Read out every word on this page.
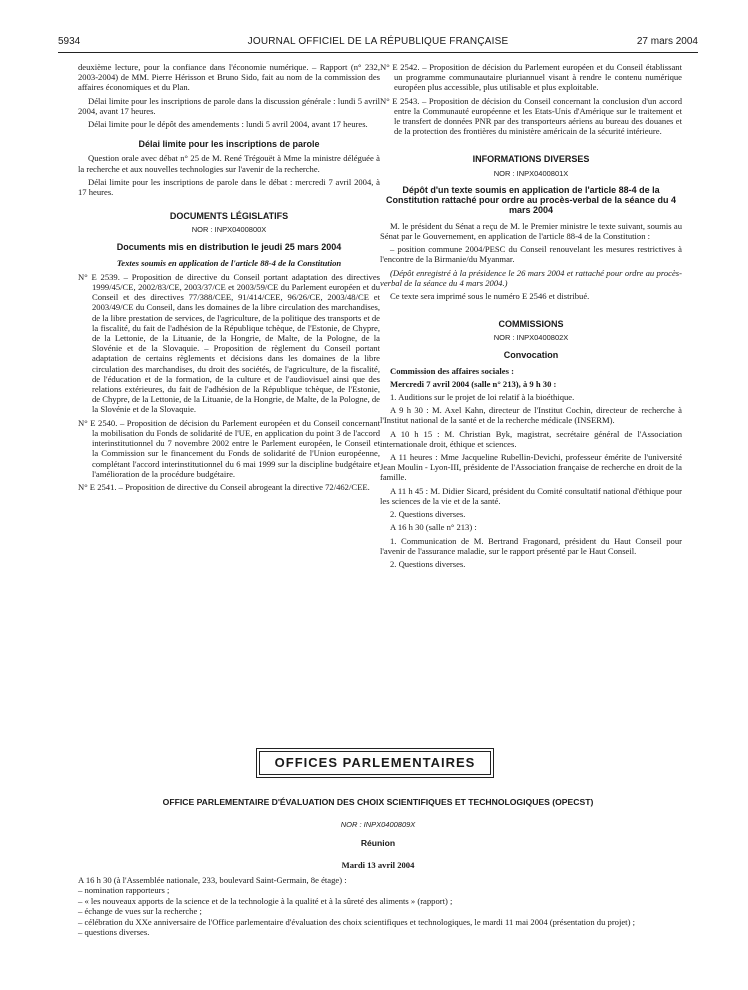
5934	JOURNAL OFFICIEL DE LA RÉPUBLIQUE FRANÇAISE	27 mars 2004

deuxième lecture, pour la confiance dans l'économie numérique. – Rapport (n° 232, 2003-2004) de MM. Pierre Hérisson et Bruno Sido, fait au nom de la commission des affaires économiques et du Plan.

Délai limite pour les inscriptions de parole dans la discussion générale : lundi 5 avril 2004, avant 17 heures.

Délai limite pour le dépôt des amendements : lundi 5 avril 2004, avant 17 heures.

Délai limite pour les inscriptions de parole

Question orale avec débat n° 25 de M. René Trégouët à Mme la ministre déléguée à la recherche et aux nouvelles technologies sur l'avenir de la recherche.

Délai limite pour les inscriptions de parole dans le débat : mercredi 7 avril 2004, à 17 heures.

DOCUMENTS LÉGISLATIFS
NOR : INPX0400800X
Documents mis en distribution le jeudi 25 mars 2004
Textes soumis en application de l'article 88-4 de la Constitution

N° E 2539. – Proposition de directive du Conseil portant adaptation des directives 1999/45/CE, 2002/83/CE, 2003/37/CE et 2003/59/CE du Parlement européen et du Conseil et des directives 77/388/CEE, 91/414/CEE, 96/26/CE, 2003/48/CE et 2003/49/CE du Conseil, dans les domaines de la libre circulation des marchandises, de la libre prestation de services, de l'agriculture, de la politique des transports et de la fiscalité, du fait de l'adhésion de la République tchèque, de l'Estonie, de Chypre, de la Lettonie, de la Lituanie, de la Hongrie, de Malte, de la Pologne, de la Slovénie et de la Slovaquie. – Proposition de règlement du Conseil portant adaptation de certains règlements et décisions dans les domaines de la libre circulation des marchandises, du droit des sociétés, de l'agriculture, de la fiscalité, de l'éducation et de la formation, de la culture et de l'audiovisuel ainsi que des relations extérieures, du fait de l'adhésion de la République tchèque, de l'Estonie, de Chypre, de la Lettonie, de la Lituanie, de la Hongrie, de Malte, de la Pologne, de la Slovénie et de la Slovaquie.

N° E 2540. – Proposition de décision du Parlement européen et du Conseil concernant la mobilisation du Fonds de solidarité de l'UE, en application du point 3 de l'accord interinstitutionnel du 7 novembre 2002 entre le Parlement européen, le Conseil et la Commission sur le financement du Fonds de solidarité de l'Union européenne, complétant l'accord interinstitutionnel du 6 mai 1999 sur la discipline budgétaire et l'amélioration de la procédure budgétaire.

N° E 2541. – Proposition de directive du Conseil abrogeant la directive 72/462/CEE.

N° E 2542. – Proposition de décision du Parlement européen et du Conseil établissant un programme communautaire pluriannuel visant à rendre le contenu numérique européen plus accessible, plus utilisable et plus exploitable.

N° E 2543. – Proposition de décision du Conseil concernant la conclusion d'un accord entre la Communauté européenne et les Etats-Unis d'Amérique sur le traitement et le transfert de données PNR par des transporteurs aériens au bureau des douanes et de la protection des frontières du ministère américain de la sécurité intérieure.

INFORMATIONS DIVERSES
NOR : INPX0400801X
Dépôt d'un texte soumis en application de l'article 88-4 de la Constitution rattaché pour ordre au procès-verbal de la séance du 4 mars 2004

M. le président du Sénat a reçu de M. le Premier ministre le texte suivant, soumis au Sénat par le Gouvernement, en application de l'article 88-4 de la Constitution :

– position commune 2004/PESC du Conseil renouvelant les mesures restrictives à l'encontre de la Birmanie/du Myanmar.

(Dépôt enregistré à la présidence le 26 mars 2004 et rattaché pour ordre au procès-verbal de la séance du 4 mars 2004.)

Ce texte sera imprimé sous le numéro E 2546 et distribué.

COMMISSIONS
NOR : INPX0400802X
Convocation

Commission des affaires sociales :

Mercredi 7 avril 2004 (salle n° 213), à 9 h 30 :

1. Auditions sur le projet de loi relatif à la bioéthique.

A 9 h 30 : M. Axel Kahn, directeur de l'Institut Cochin, directeur de recherche à l'Institut national de la santé et de la recherche médicale (INSERM).

A 10 h 15 : M. Christian Byk, magistrat, secrétaire général de l'Association internationale droit, éthique et sciences.

A 11 heures : Mme Jacqueline Rubellin-Devichi, professeur émérite de l'université Jean Moulin - Lyon-III, présidente de l'Association française de recherche en droit de la famille.

A 11 h 45 : M. Didier Sicard, président du Comité consultatif national d'éthique pour les sciences de la vie et de la santé.

2. Questions diverses.

A 16 h 30 (salle n° 213) :

1. Communication de M. Bertrand Fragonard, président du Haut Conseil pour l'avenir de l'assurance maladie, sur le rapport présenté par le Haut Conseil.

2. Questions diverses.

OFFICES PARLEMENTAIRES
OFFICE PARLEMENTAIRE D'ÉVALUATION DES CHOIX SCIENTIFIQUES ET TECHNOLOGIQUES (OPECST)
NOR : INPX0400809X
Réunion
Mardi 13 avril 2004

A 16 h 30 (à l'Assemblée nationale, 233, boulevard Saint-Germain, 8e étage) :

– nomination rapporteurs ;

– « les nouveaux apports de la science et de la technologie à la qualité et à la sûreté des aliments » (rapport) ;

– échange de vues sur la recherche ;

– célébration du XXe anniversaire de l'Office parlementaire d'évaluation des choix scientifiques et technologiques, le mardi 11 mai 2004 (présentation du projet) ;

– questions diverses.
